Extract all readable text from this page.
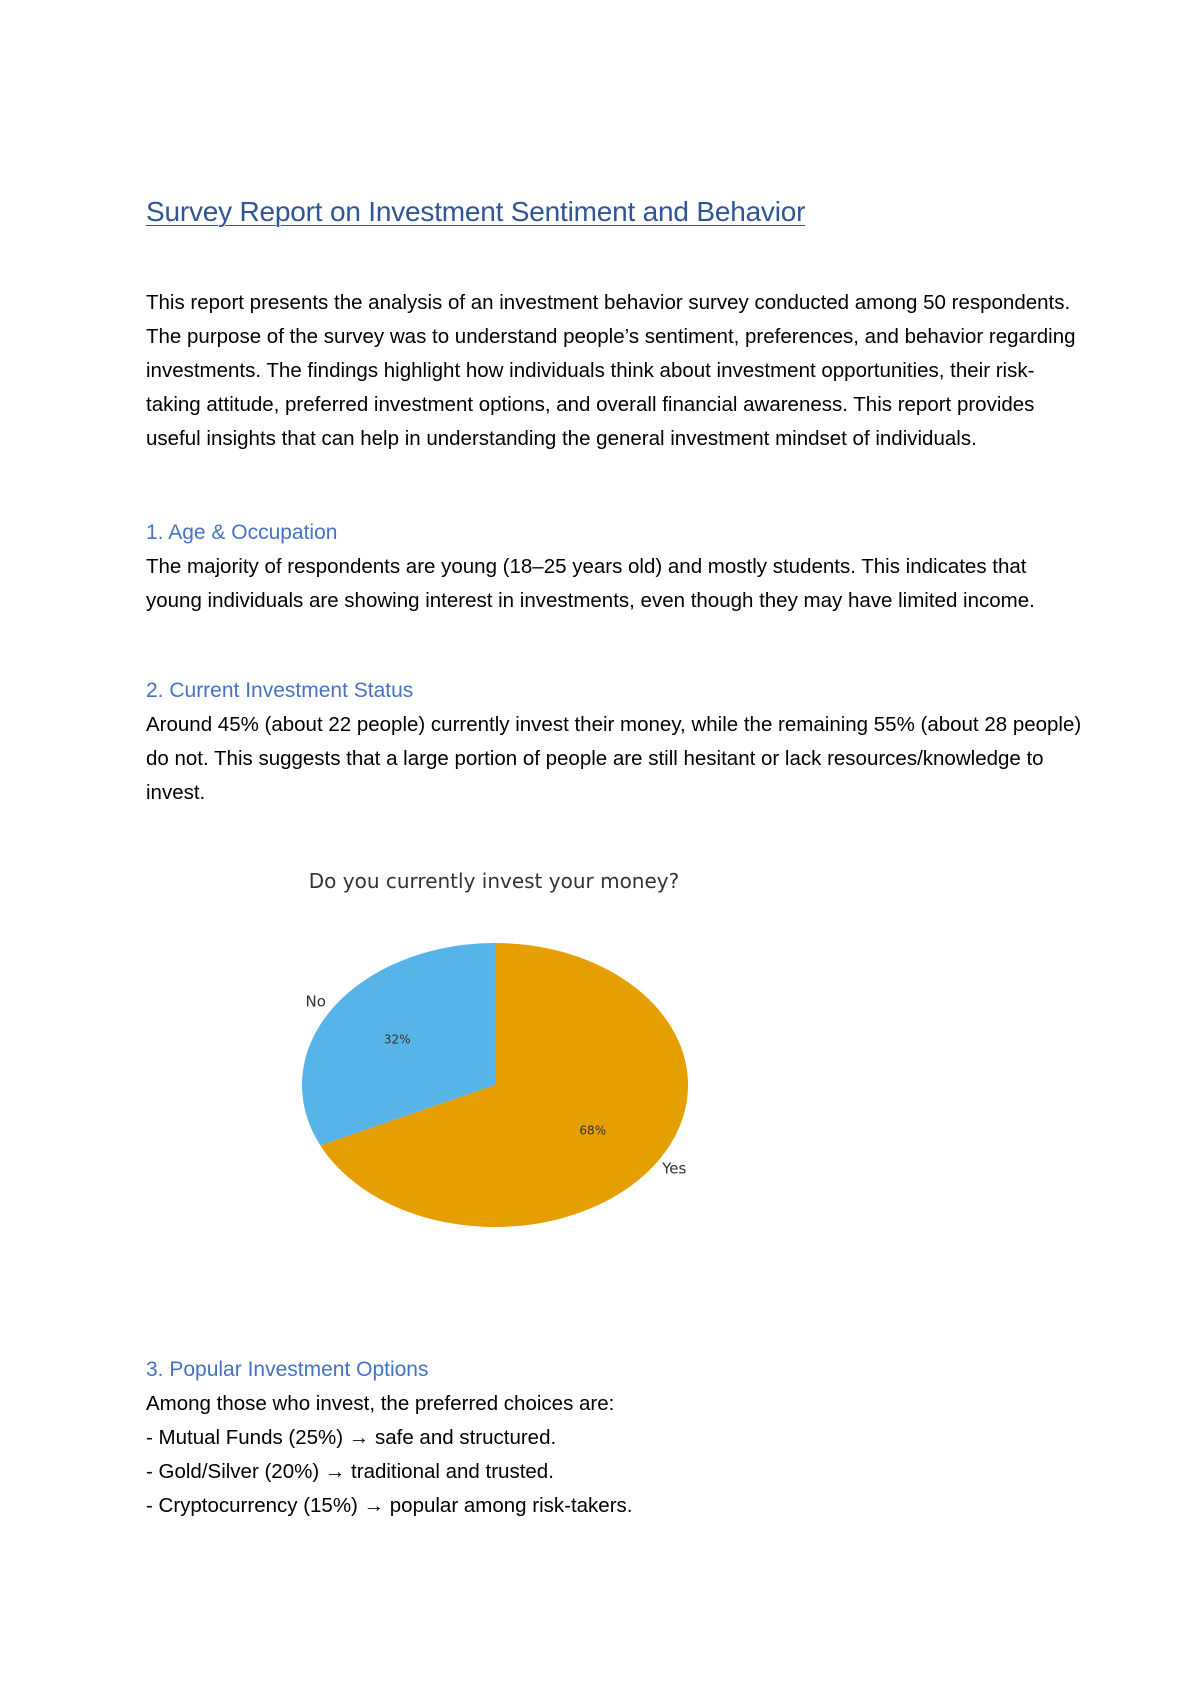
Survey Report on Investment Sentiment and Behavior

This report presents the analysis of an investment behavior survey conducted among 50 respondents. The purpose of the survey was to understand people’s sentiment, preferences, and behavior regarding investments. The findings highlight how individuals think about investment opportunities, their risk-taking attitude, preferred investment options, and overall financial awareness. This report provides useful insights that can help in understanding the general investment mindset of individuals.

1. Age & Occupation

The majority of respondents are young (18–25 years old) and mostly students. This indicates that young individuals are showing interest in investments, even though they may have limited income.

2. Current Investment Status

Around 45% (about 22 people) currently invest their money, while the remaining 55% (about 28 people) do not. This suggests that a large portion of people are still hesitant or lack resources/knowledge to invest.

Do you currently invest your money?
32%
No
68%
Yes
3. Popular Investment Options

Among those who invest, the preferred choices are:

- Mutual Funds (25%) → safe and structured.
- Gold/Silver (20%) → traditional and trusted.
- Cryptocurrency (15%) → popular among risk-takers.
